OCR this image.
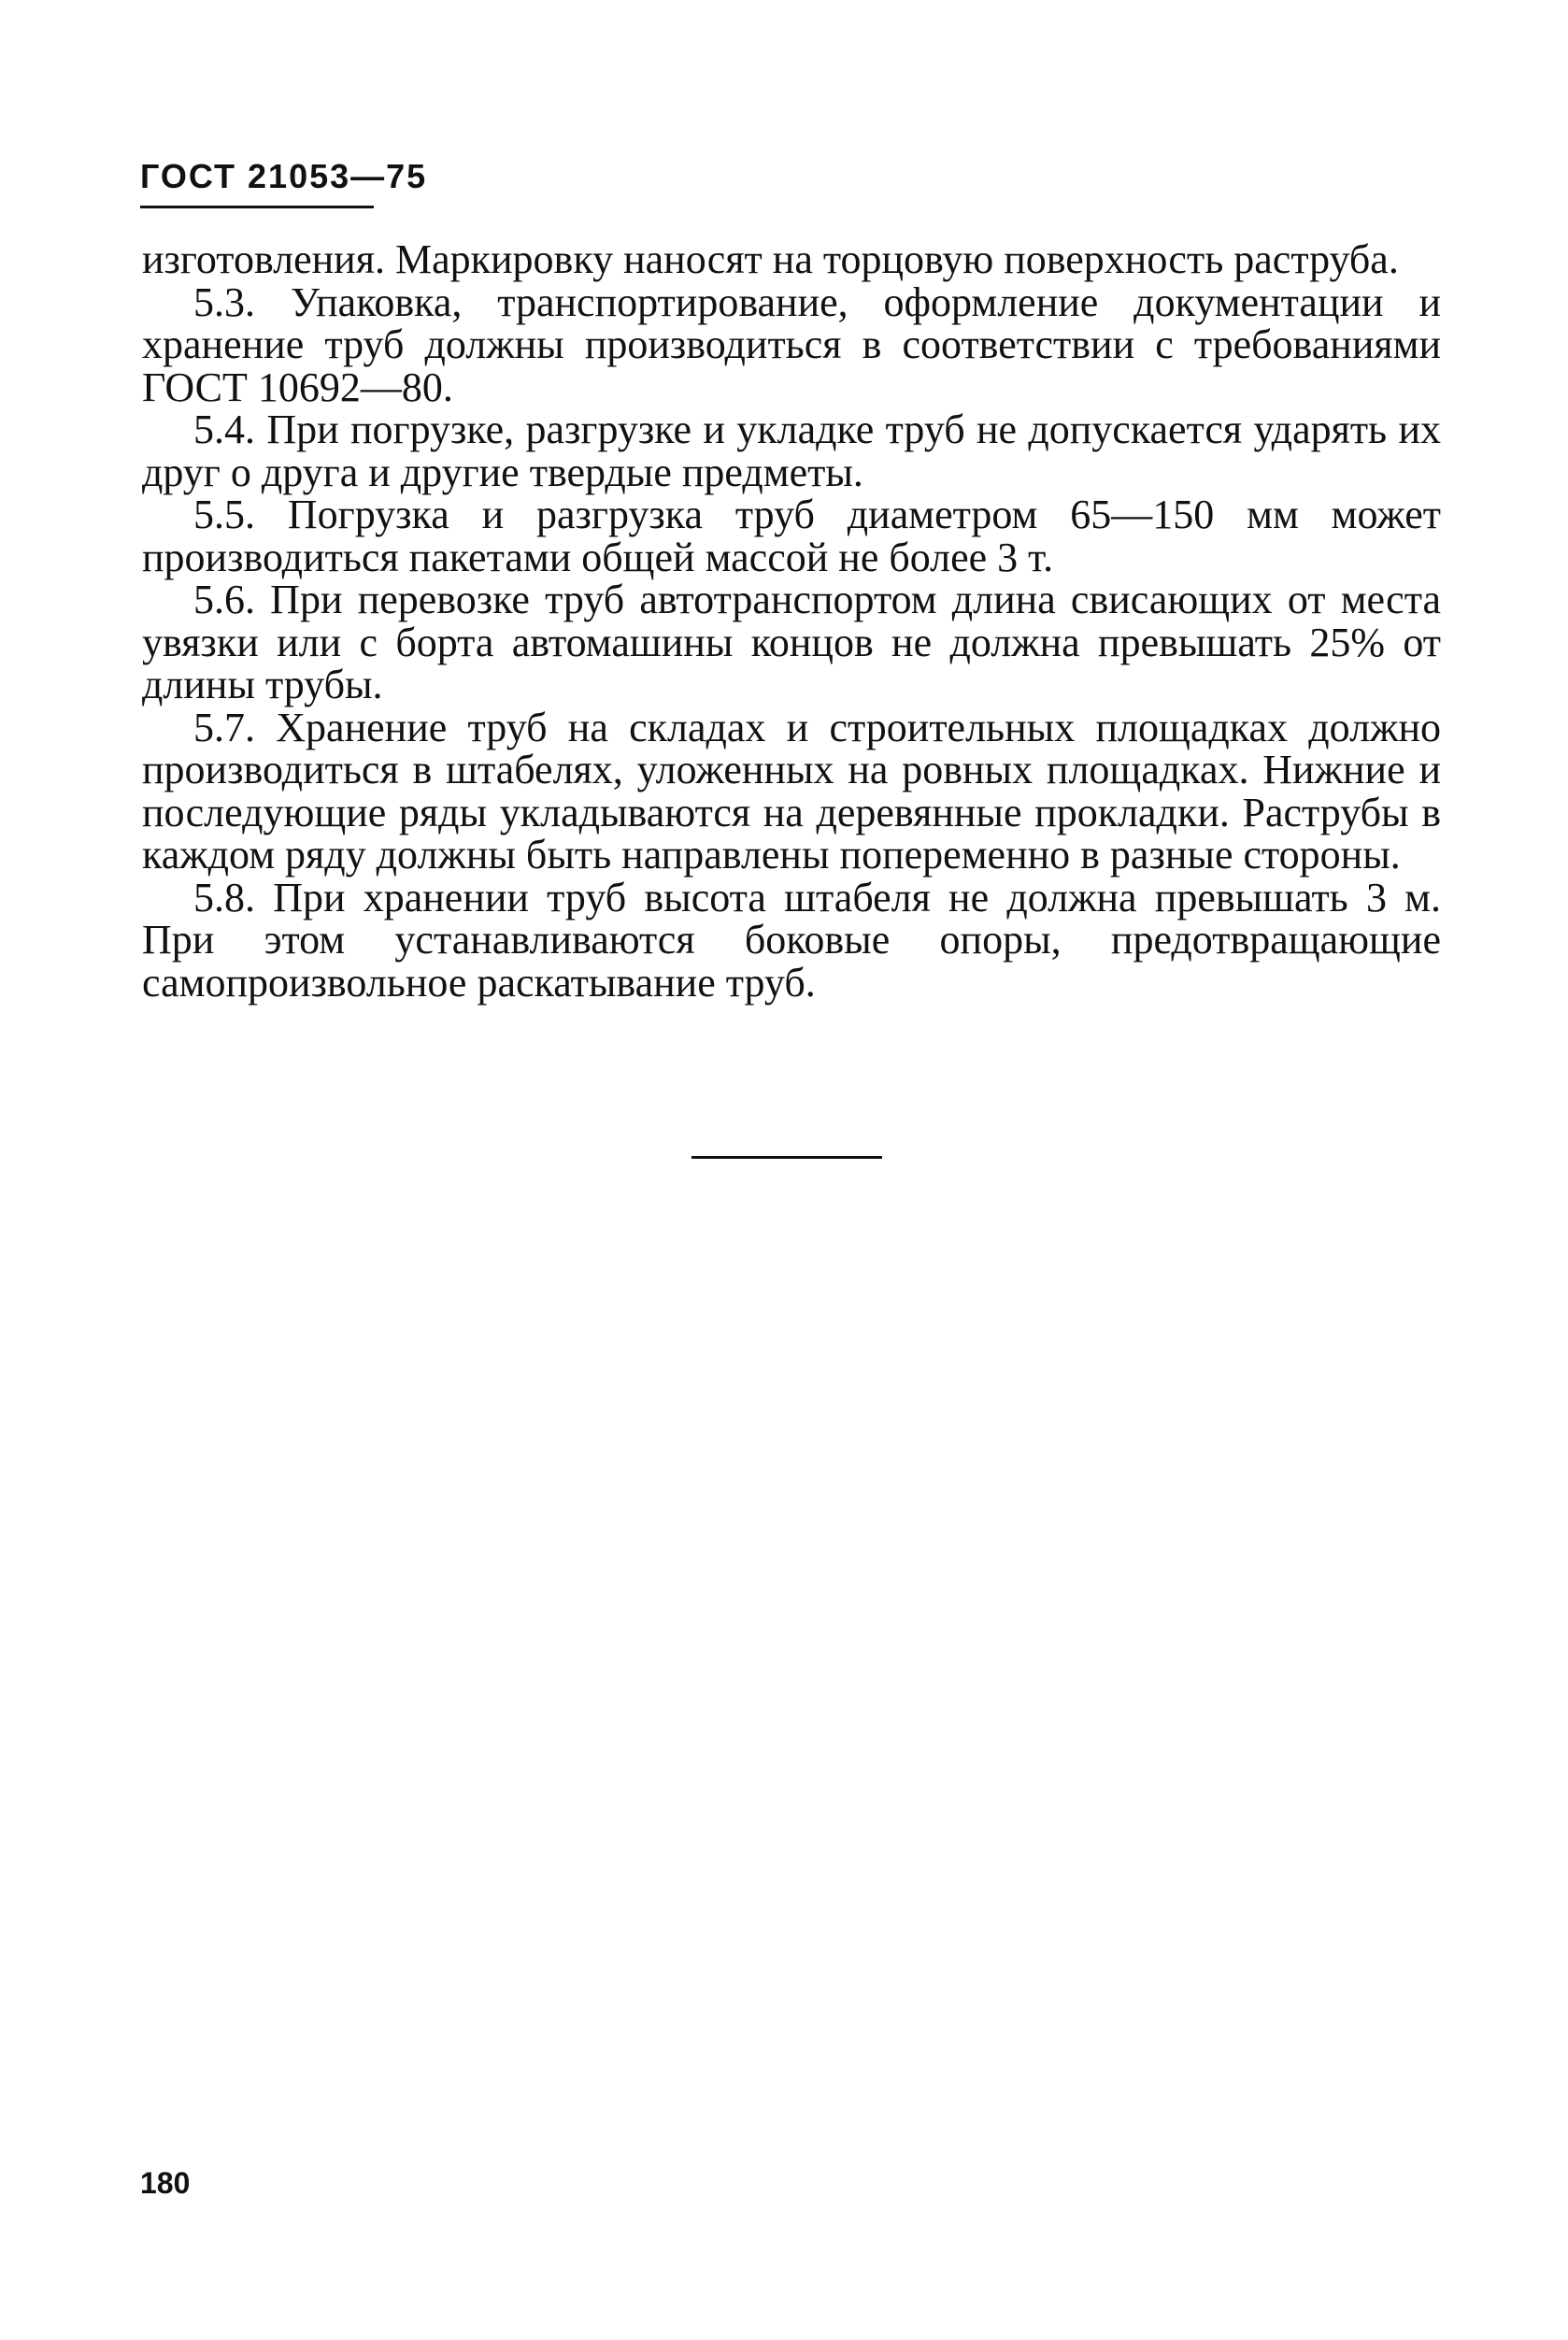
ГОСТ 21053—75

изготовления. Маркировку наносят на торцовую поверхность раструба.

5.3. Упаковка, транспортирование, оформление документации и хранение труб должны производиться в соответствии с требованиями ГОСТ 10692—80.

5.4. При погрузке, разгрузке и укладке труб не допускается ударять их друг о друга и другие твердые предметы.

5.5. Погрузка и разгрузка труб диаметром 65—150 мм может производиться пакетами общей массой не более 3 т.

5.6. При перевозке труб автотранспортом длина свисающих от места увязки или с борта автомашины концов не должна превышать 25% от длины трубы.

5.7. Хранение труб на складах и строительных площадках должно производиться в штабелях, уложенных на ровных площадках. Нижние и последующие ряды укладываются на деревянные прокладки. Раструбы в каждом ряду должны быть направлены попеременно в разные стороны.

5.8. При хранении труб высота штабеля не должна превышать 3 м. При этом устанавливаются боковые опоры, предотвращающие самопроизвольное раскатывание труб.

180
